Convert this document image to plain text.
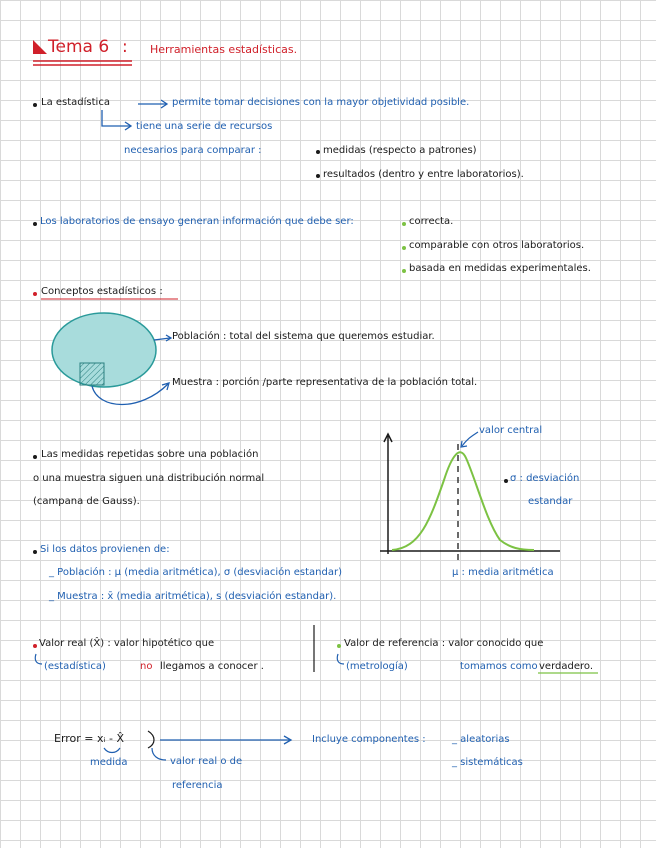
Tema 6 : Herramientas estadísticas.
La estadística	permite tomar decisiones con la mayor objetividad posible.
tiene una serie de recursos
necesarios para comparar :	medidas (respecto a patrones)
resultados (dentro y entre laboratorios).
Los laboratorios de ensayo generan información que debe ser:	correcta.
comparable con otros laboratorios.
basada en medidas experimentales.
Conceptos estadísticos :
Población : total del sistema que queremos estudiar.
Muestra : porción /parte representativa de la población total.
Las medidas repetidas sobre una población
o una muestra siguen una distribución normal
(campana de Gauss).
valor central
σ : desviación
estandar
μ : media aritmética
Si los datos provienen de:
_ Población : μ (media aritmética), σ (desviación estandar)
_ Muestra : x̄ (media aritmética), s (desviación estandar).
Valor real (X̂) : valor hipotético que
(estadística)	no llegamos a conocer .
Valor de referencia : valor conocido que
(metrología)	tomamos como verdadero.
Error = xᵢ - X̂
medida	valor real o de
referencia
Incluye componentes :	_ aleatorias
_ sistemáticas
